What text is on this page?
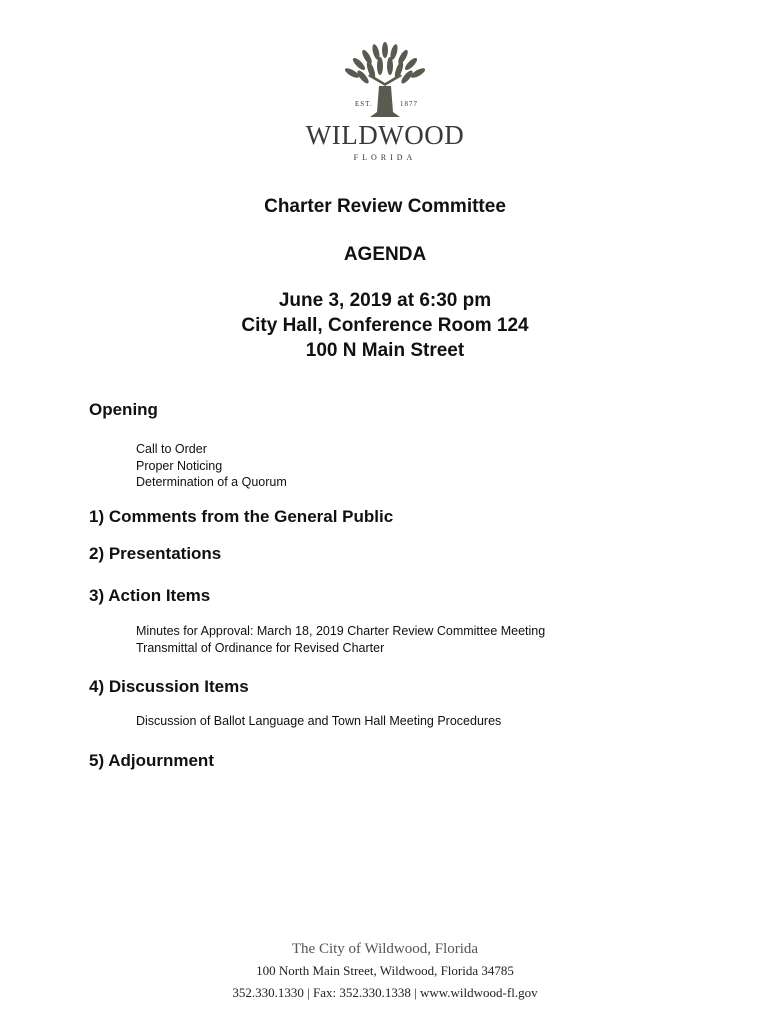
EST.	1877
WILDWOOD
FLORIDA
Charter Review Committee
AGENDA
June 3, 2019 at 6:30 pm
City Hall, Conference Room 124
100 N Main Street
Opening
Call to Order
Proper Noticing
Determination of a Quorum
1) Comments from the General Public
2) Presentations
3) Action Items
Minutes for Approval: March 18, 2019 Charter Review Committee Meeting
Transmittal of Ordinance for Revised Charter
4) Discussion Items
Discussion of Ballot Language and Town Hall Meeting Procedures
5) Adjournment
The City of Wildwood, Florida
100 North Main Street, Wildwood, Florida 34785
352.330.1330 | Fax: 352.330.1338 | www.wildwood-fl.gov
